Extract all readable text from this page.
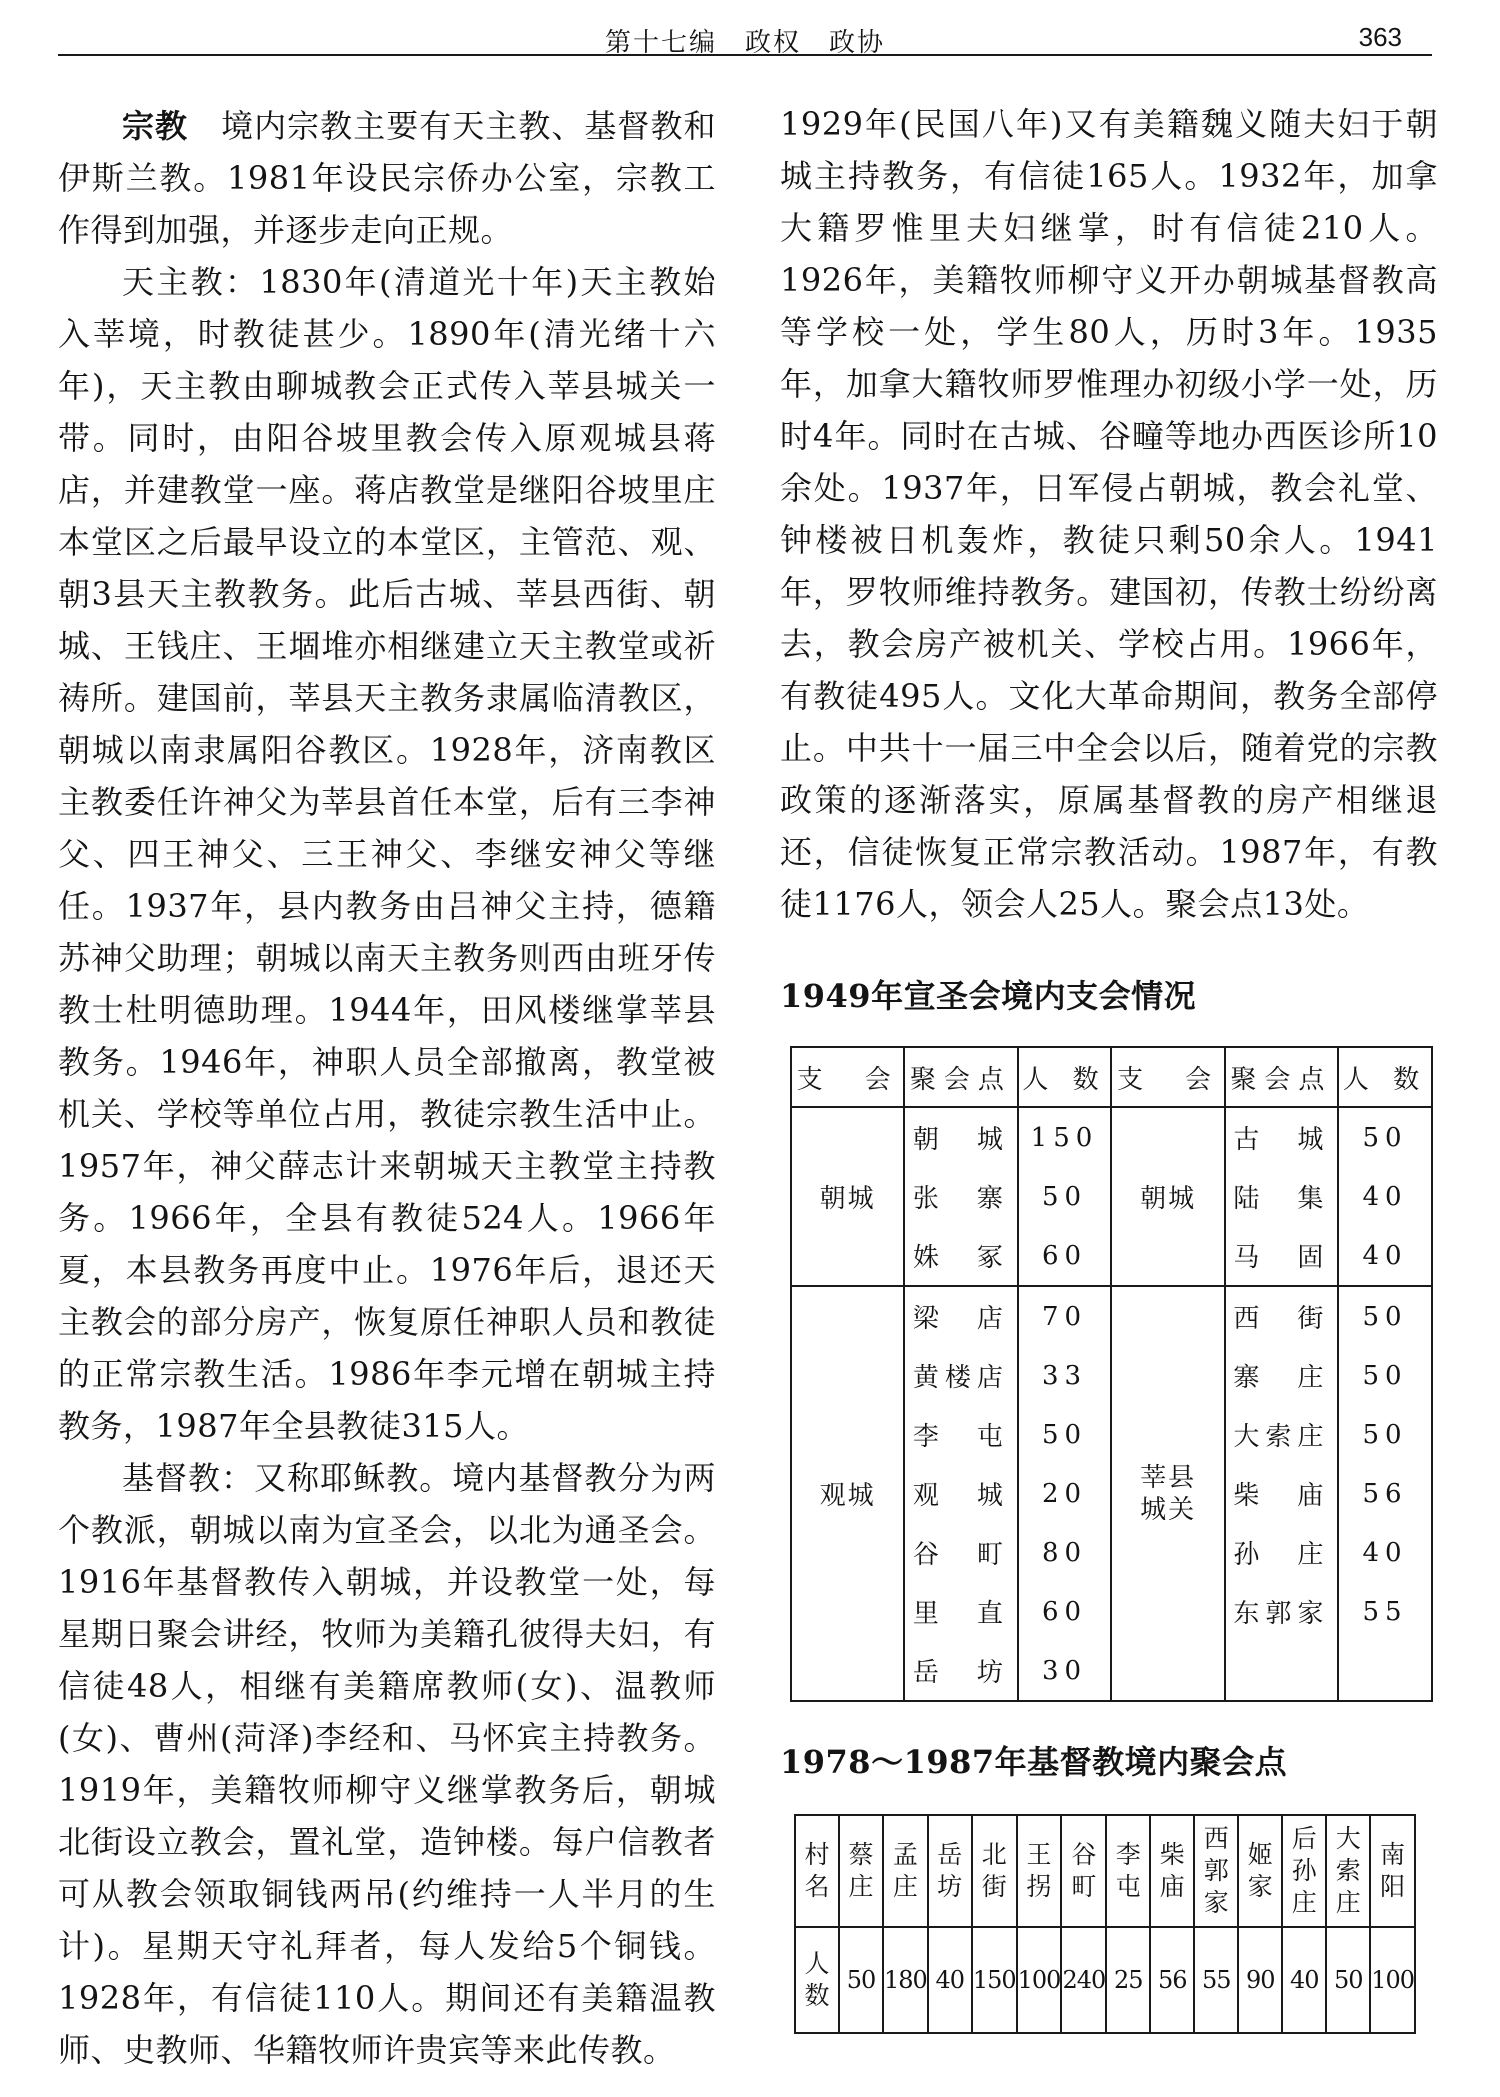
第十七编　政权　政协	363

宗教　境内宗教主要有天主教、基督教和伊斯兰教。1981年设民宗侨办公室，宗教工作得到加强，并逐步走向正规。

天主教：1830年(清道光十年)天主教始入莘境，时教徒甚少。1890年(清光绪十六年)，天主教由聊城教会正式传入莘县城关一带。同时，由阳谷坡里教会传入原观城县蒋店，并建教堂一座。蒋店教堂是继阳谷坡里庄本堂区之后最早设立的本堂区，主管范、观、朝3县天主教教务。此后古城、莘县西街、朝城、王钱庄、王堌堆亦相继建立天主教堂或祈祷所。建国前，莘县天主教务隶属临清教区，朝城以南隶属阳谷教区。1928年，济南教区主教委任许神父为莘县首任本堂，后有三李神父、四王神父、三王神父、李继安神父等继任。1937年，县内教务由吕神父主持，德籍苏神父助理；朝城以南天主教务则西由班牙传教士杜明德助理。1944年，田风楼继掌莘县教务。1946年，神职人员全部撤离，教堂被机关、学校等单位占用，教徒宗教生活中止。1957年，神父薛志计来朝城天主教堂主持教务。1966年，全县有教徒524人。1966年夏，本县教务再度中止。1976年后，退还天主教会的部分房产，恢复原任神职人员和教徒的正常宗教生活。1986年李元增在朝城主持教务，1987年全县教徒315人。

基督教：又称耶稣教。境内基督教分为两个教派，朝城以南为宣圣会，以北为通圣会。1916年基督教传入朝城，并设教堂一处，每星期日聚会讲经，牧师为美籍孔彼得夫妇，有信徒48人，相继有美籍席教师(女)、温教师(女)、曹州(菏泽)李经和、马怀宾主持教务。1919年，美籍牧师柳守义继掌教务后，朝城北街设立教会，置礼堂，造钟楼。每户信教者可从教会领取铜钱两吊(约维持一人半月的生计)。星期天守礼拜者，每人发给5个铜钱。1928年，有信徒110人。期间还有美籍温教师、史教师、华籍牧师许贵宾等来此传教。

1929年(民国八年)又有美籍魏义随夫妇于朝城主持教务，有信徒165人。1932年，加拿大籍罗惟里夫妇继掌，时有信徒210人。1926年，美籍牧师柳守义开办朝城基督教高等学校一处，学生80人，历时3年。1935年，加拿大籍牧师罗惟理办初级小学一处，历时4年。同时在古城、谷疃等地办西医诊所10余处。1937年，日军侵占朝城，教会礼堂、钟楼被日机轰炸，教徒只剩50余人。1941年，罗牧师维持教务。建国初，传教士纷纷离去，教会房产被机关、学校占用。1966年，有教徒495人。文化大革命期间，教务全部停止。中共十一届三中全会以后，随着党的宗教政策的逐渐落实，原属基督教的房产相继退还，信徒恢复正常宗教活动。1987年，有教徒1176人，领会人25人。聚会点13处。

1949年宣圣会境内支会情况

支　会	聚会点	人 数	支　会	聚会点	人 数
朝城	朝　城	150	朝城	古　城	50
	张　寨	50		陆　集	40
	姝　冢	60		马　固	40
观城	梁　店	70	莘县城关	西　街	50
	黄楼店	33		寨　庄	50
	李　屯	50		大索庄	50
	观　城	20		柴　庙	56
	谷　町	80		孙　庄	40
	里　直	60		东郭家	55
	岳　坊	30			

1978～1987年基督教境内聚会点

村名	蔡庄	孟庄	岳坊	北街	王拐	谷町	李屯	柴庙	西郭家	姬家	后孙庄	大索庄	南阳
人数	50	180	40	150	100	240	25	56	55	90	40	50	100
